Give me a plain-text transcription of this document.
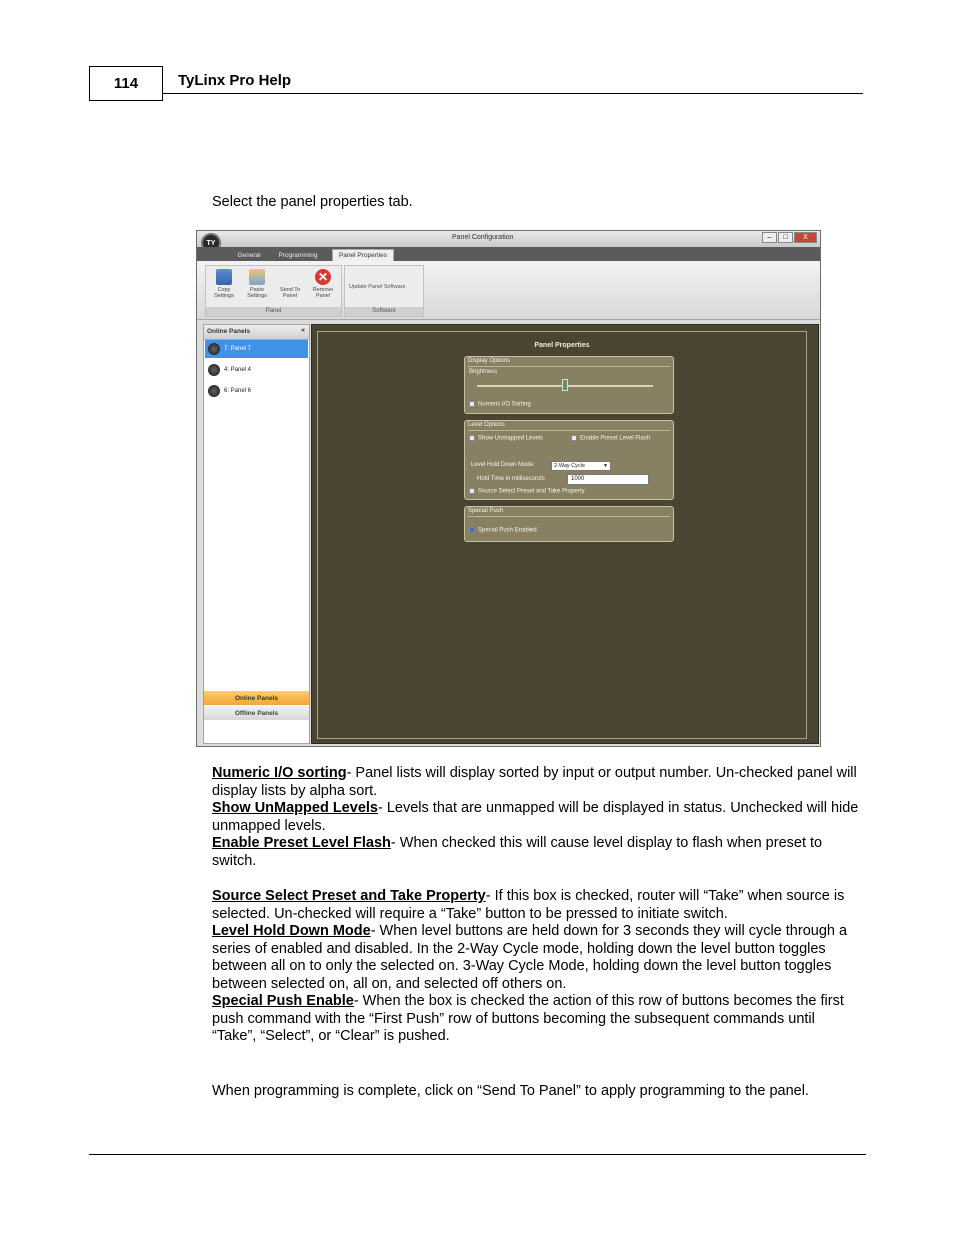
114	TyLinx Pro Help
Select the panel properties tab.
Panel Configuration	–	□	X
TY
General	Programming	Panel Properties
Copy Settings
Paste Settings
Send To Panel
✕
Remove Panel
Panel
Update Panel Software
Software
Online Panels	«
7: Panel 7
4: Panel 4
6: Panel 6
Online Panels
Offline Panels
Panel Properties
Display Options
Brightness
Numeric I/O Sorting
Level Options
Show Unmapped Levels	Enable Preset Level Flash
Level Hold Down Mode:	2-Way Cycle	▼
Hold Time in milliseconds	1000
Source Select Preset and Take Property
Special Push
Special Push Enabled

Numeric I/O sorting- Panel lists will display sorted by input or output number. Un-checked panel will display lists by alpha sort.

Show UnMapped Levels- Levels that are unmapped will be displayed in status. Unchecked will hide unmapped levels.

Enable Preset Level Flash- When checked this will cause level display to flash when preset to switch.

Source Select Preset and Take Property- If this box is checked, router will “Take” when source is selected. Un-checked will require a “Take” button to be pressed to initiate switch.

Level Hold Down Mode- When level buttons are held down for 3 seconds they will cycle through a series of enabled and disabled. In the 2-Way Cycle mode, holding down the level button toggles between all on to only the selected on. 3-Way Cycle Mode, holding down the level button toggles between selected on, all on, and selected off others on.

Special Push Enable- When the box is checked the action of this row of buttons becomes the first push command with the “First Push” row of buttons becoming the subsequent commands until “Take”, “Select”, or “Clear” is pushed.

When programming is complete, click on “Send To Panel” to apply programming to the panel.
